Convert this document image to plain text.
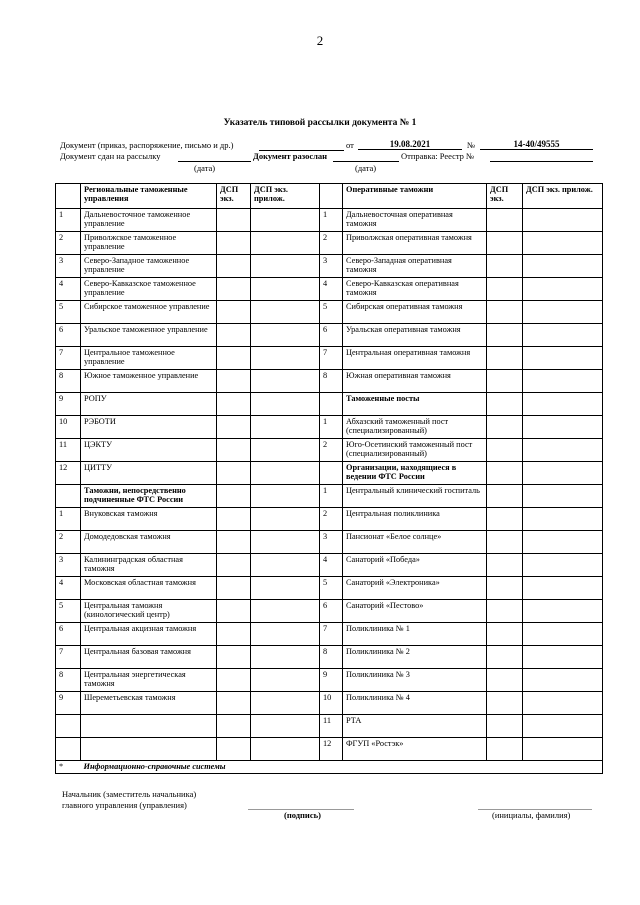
2
Указатель типовой рассылки документа № 1
Документ (приказ, распоряжение, письмо и др.)	от	19.08.2021	№	14-40/49555
Документ сдан на рассылку	Документ разослан	Отправка: Реестр №
(дата)	(дата)
	Региональные таможенные управления	ДСП экз.	ДСП экз. прилож.		Оперативные таможни	ДСП экз.	ДСП экз. прилож.
1	Дальневосточное таможенное управление			1	Дальневосточная оперативная таможня		
2	Приволжское таможенное управление			2	Приволжская оперативная таможня		
3	Северо-Западное таможенное управление			3	Северо-Западная оперативная таможня		
4	Северо-Кавказское таможенное управление			4	Северо-Кавказская оперативная таможня		
5	Сибирское таможенное управление			5	Сибирская оперативная таможня		
6	Уральское таможенное управление			6	Уральская оперативная таможня		
7	Центральное таможенное управление			7	Центральная оперативная таможня		
8	Южное таможенное управление			8	Южная оперативная таможня		
9	РОПУ				Таможенные посты		
10	РЭБОТИ			1	Абхазский таможенный пост (специализированный)		
11	ЦЭКТУ			2	Юго-Осетинский таможенный пост (специализированный)		
12	ЦИТТУ				Организации, находящиеся в ведении ФТС России		
	Таможни, непосредственно подчиненные ФТС России			1	Центральный клинический госпиталь		
1	Внуковская таможня			2	Центральная поликлиника		
2	Домодедовская таможня			3	Пансионат «Белое солнце»		
3	Калининградская областная таможня			4	Санаторий «Победа»		
4	Московская областная таможня			5	Санаторий «Электроника»		
5	Центральная таможня (кинологический центр)			6	Санаторий «Пестово»		
6	Центральная акцизная таможня			7	Поликлиника № 1		
7	Центральная базовая таможня			8	Поликлиника № 2		
8	Центральная энергетическая таможня			9	Поликлиника № 3		
9	Шереметьевская таможня			10	Поликлиника № 4		
				11	РТА		
				12	ФГУП «Ростэк»		
*	Информационно-справочные системы						
Начальник (заместитель начальника)
главного управления (управления)
(подпись)	(инициалы, фамилия)
